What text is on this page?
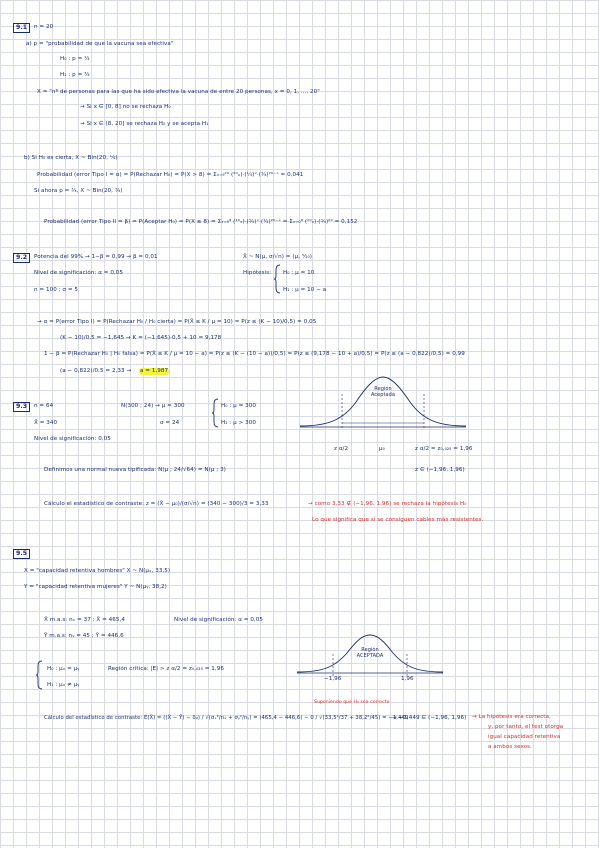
9.1	n = 20
a) p = "probabilidad de que la vacuna sea efectiva"
H₀ : p = ¹⁄₄
H₁ : p = ³⁄₄
X = "nº de personas para las que ha sido efectiva la vacuna de entre 20 personas, x = 0, 1, ..., 20"
→ Si x ∈ [0, 8] no se rechaza H₀
→ Si x ∈ (8, 20] se rechaza H₀ y se acepta H₁
b) Si H₀ es cierta, X ~ Bin(20, ¹⁄₄)
Probabilidad (error Tipo I = α) = P(Rechazar H₀) = P(X > 8) = Σₓ₌₉²⁰ (²⁰ₓ)·(¼)ˣ·(¾)²⁰⁻ˣ = 0,041
Si ahora p = ¾, X ~ Bin(20, ¾)
Probabilidad (error Tipo II = β) = P(Aceptar H₀) = P(X ≤ 8) = Σₓ₌₀⁸ (²⁰ₓ)·(¾)ˣ·(¼)²⁰⁻ˣ = Σₓ₌₀⁸ (²⁰ₓ)·(¾)²⁰ = 0,152
9.2	Potencia del 99% → 1−β = 0,99 → β = 0,01	X̄ ~ N(μ, σ/√n) = (μ, ⁵⁄₁₀)
Nivel de significación: α = 0,05	Hipótesis: H₀ : μ = 10
H₁ : μ = 10 − a
n = 100 ; σ = 5
→ α = P(error Tipo I) = P(Rechazar H₀ / H₀ cierta) = P(X̄ ≤ K / μ = 10) = P(z ≤ (K − 10)/0,5) = 0,05
(K − 10)/0,5 = −1,645 → K = (−1,645)·0,5 + 10 = 9,178
1 − β = P(Rechazar H₀ | H₀ falsa) = P(X̄ ≤ K / μ = 10 − a) = P(z ≤ (K − (10 − a))/0,5) = P(z ≤ (9,178 − 10 + a)/0,5) = P(z ≤ (a − 0,822)/0,5) = 0,99
(a − 0,822)/0,5 = 2,33 → a = 1,987
9.3	n = 64	N(300 ; 24) → μ = 300
X̄ = 340	σ = 24
H₀ : μ = 300
H₁ : μ > 300
Nivel de significación: 0,05
Región Aceptada
z α/2	μ₀	z α/2 = z₀,₀₂₅ = 1,96
Definimos una normal nueva tipificada: N(μ ; 24/√64) = N(μ ; 3)	z ∈ (−1,96, 1,96)
Cálculo el estadístico de contraste: z = (X̄ − μ₀)/(σ/√n) = (340 − 300)/3 = 3,33	→ como 3,33 ∉ (−1,96, 1,96) se rechaza la hipótesis H₀
Lo que significa que sí se consiguen cables más resistentes.
9.5
X = "capacidad retentiva hombres" X ~ N(μₓ, 33,5)
Y = "capacidad retentiva mujeres" Y ~ N(μᵧ, 38,2)
X̄ m.a.s: nₓ = 37 ; X̄ = 465,4	Nivel de significación: α = 0,05
Ȳ m.a.s: nᵧ = 45 ; Ȳ = 446,6
H₀ : μₓ = μᵧ
H₁ : μₓ ≠ μᵧ
Región crítica: |E| > z α/2 = z₀,₀₂₅ = 1,96
Región ACEPTADA
−1,96	1,96
Suponiendo que H₀ sea correcto
Cálculo del estadístico de contraste: E(X̄) = ((X̄ − Ȳ) − δ₀) / √(σₓ²/nₓ + σᵧ²/nᵧ) = (465,4 − 446,6) − 0 / √(33,5²/37 + 38,2²/45) = −1,449
→ −1,449 ∈ (−1,96, 1,96) → La hipótesis era correcta,
y, por tanto, el test otorga
igual capacidad retentiva
a ambos sexos.
